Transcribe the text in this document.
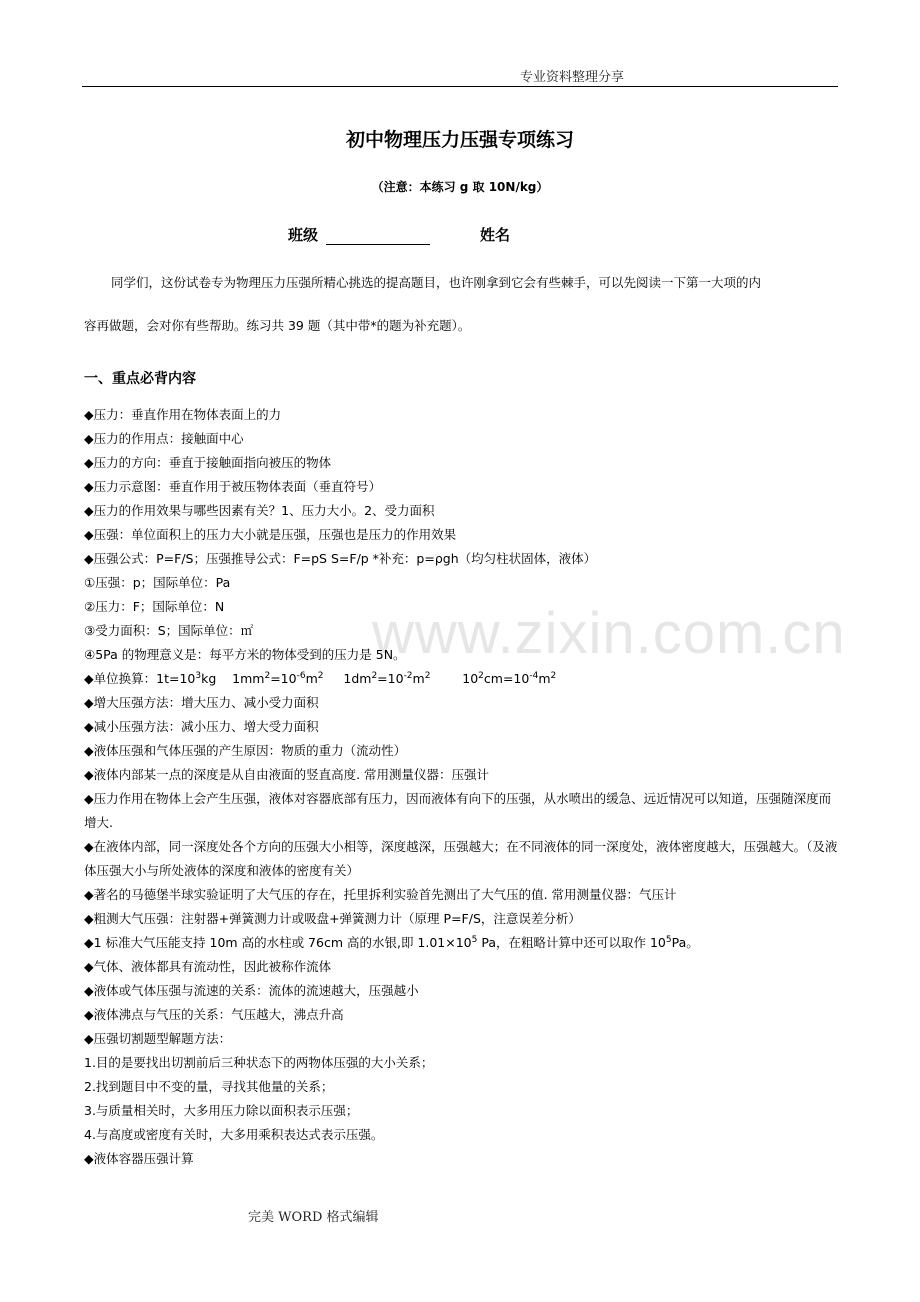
专业资料整理分享
www.zixin.com.cn
初中物理压力压强专项练习
（注意：本练习 g 取 10N/kg）
班级	姓名

同学们，这份试卷专为物理压力压强所精心挑选的提高题目，也许刚拿到它会有些棘手，可以先阅读一下第一大项的内

容再做题，会对你有些帮助。练习共 39 题（其中带*的题为补充题）。

一、重点必背内容
◆压力：垂直作用在物体表面上的力
◆压力的作用点：接触面中心
◆压力的方向：垂直于接触面指向被压的物体
◆压力示意图：垂直作用于被压物体表面（垂直符号）
◆压力的作用效果与哪些因素有关？1、压力大小。2、受力面积
◆压强：单位面积上的压力大小就是压强，压强也是压力的作用效果
◆压强公式：P=F/S；压强推导公式：F=pS S=F/p *补充：p=ρgh（均匀柱状固体，液体）
①压强：p；国际单位：Pa
②压力：F；国际单位：N
③受力面积：S；国际单位：㎡
④5Pa 的物理意义是：每平方米的物体受到的压力是 5N。
◆单位换算：$1t=10^3kg$    $1mm^2=10^{-6}m^2$     $1dm^2=10^{-2}m^2$        $10^2cm=10^{-4}m^2$
◆增大压强方法：增大压力、减小受力面积
◆减小压强方法：减小压力、增大受力面积
◆液体压强和气体压强的产生原因：物质的重力（流动性）
◆液体内部某一点的深度是从自由液面的竖直高度. 常用测量仪器：压强计
◆压力作用在物体上会产生压强，液体对容器底部有压力，因而液体有向下的压强，从水喷出的缓急、远近情况可以知道，压强随深度而增大.
◆在液体内部，同一深度处各个方向的压强大小相等，深度越深，压强越大；在不同液体的同一深度处，液体密度越大，压强越大。（及液体压强大小与所处液体的深度和液体的密度有关）
◆著名的马德堡半球实验证明了大气压的存在，托里拆利实验首先测出了大气压的值. 常用测量仪器：气压计
◆粗测大气压强：注射器+弹簧测力计或吸盘+弹簧测力计（原理 P=F/S，注意误差分析）
◆1 标准大气压能支持 10m 高的水柱或 76cm 高的水银,即 $1.01\times 10^5$ Pa，在粗略计算中还可以取作 $10^5Pa$。
◆气体、液体都具有流动性，因此被称作流体
◆液体或气体压强与流速的关系：流体的流速越大，压强越小
◆液体沸点与气压的关系：气压越大，沸点升高
◆压强切割题型解题方法：
1.目的是要找出切割前后三种状态下的两物体压强的大小关系；
2.找到题目中不变的量，寻找其他量的关系；
3.与质量相关时，大多用压力除以面积表示压强；
4.与高度或密度有关时，大多用乘积表达式表示压强。
◆液体容器压强计算
完美 WORD 格式编辑
